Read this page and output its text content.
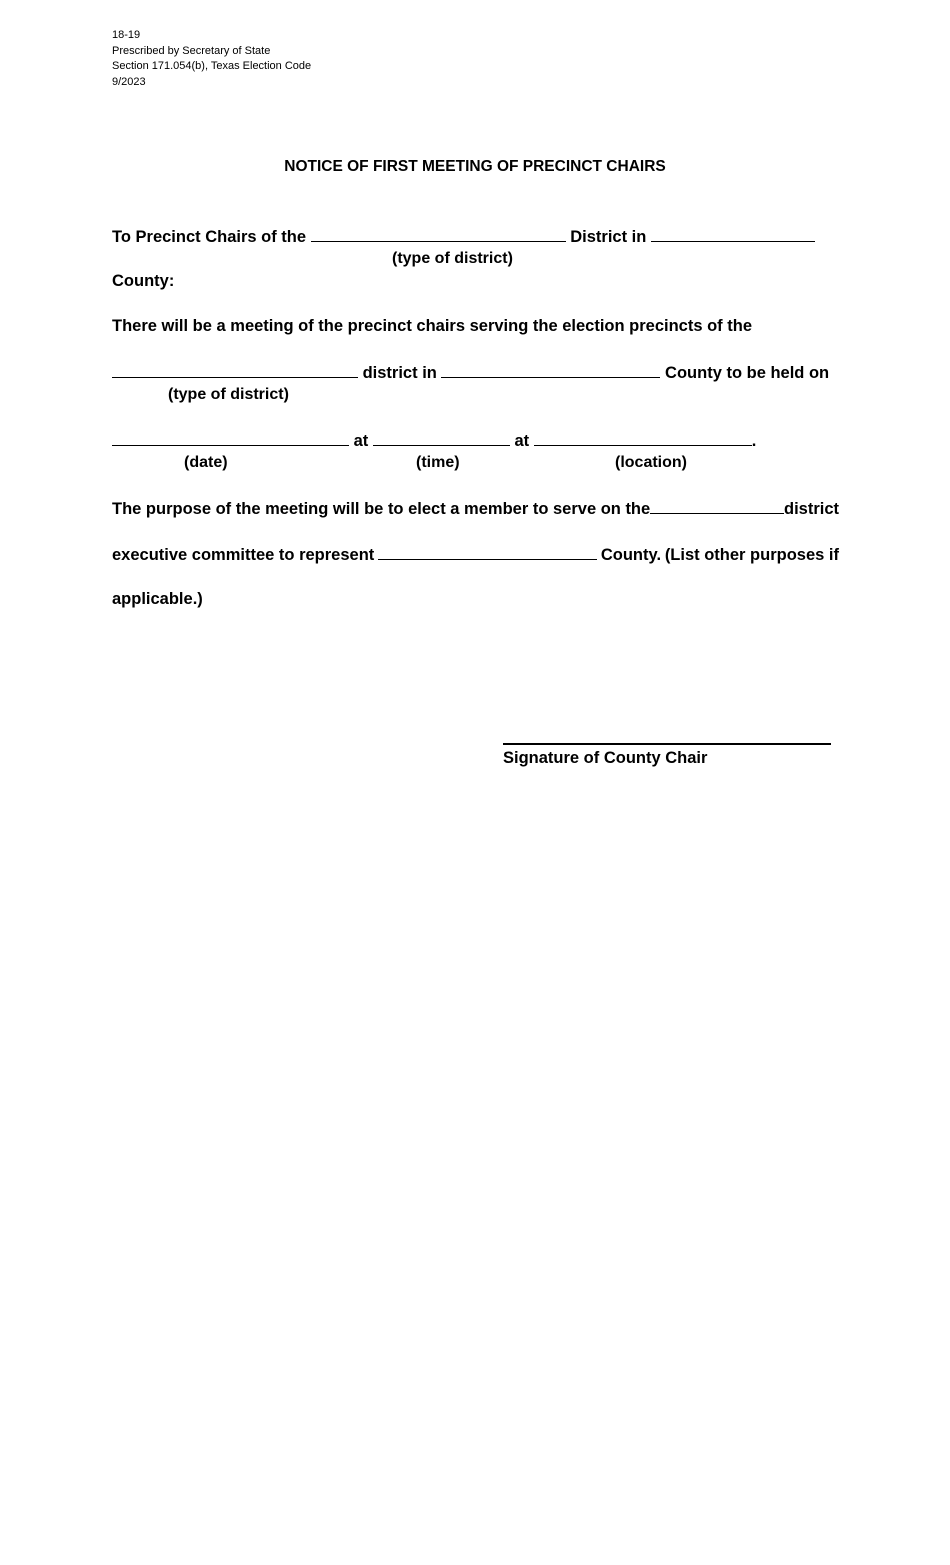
18-19
Prescribed by Secretary of State
Section 171.054(b), Texas Election Code
9/2023
NOTICE OF FIRST MEETING OF PRECINCT CHAIRS
To Precinct Chairs of the	District in
(type of district)
County:
There will be a meeting of the precinct chairs serving the election precincts of the
district in	County to be held on
(type of district)
at	at	.
(date)	(time)	(location)
The purpose of the meeting will be to elect a member to serve on the	district
executive committee to represent	County. (List other purposes if
applicable.)
Signature of County Chair
